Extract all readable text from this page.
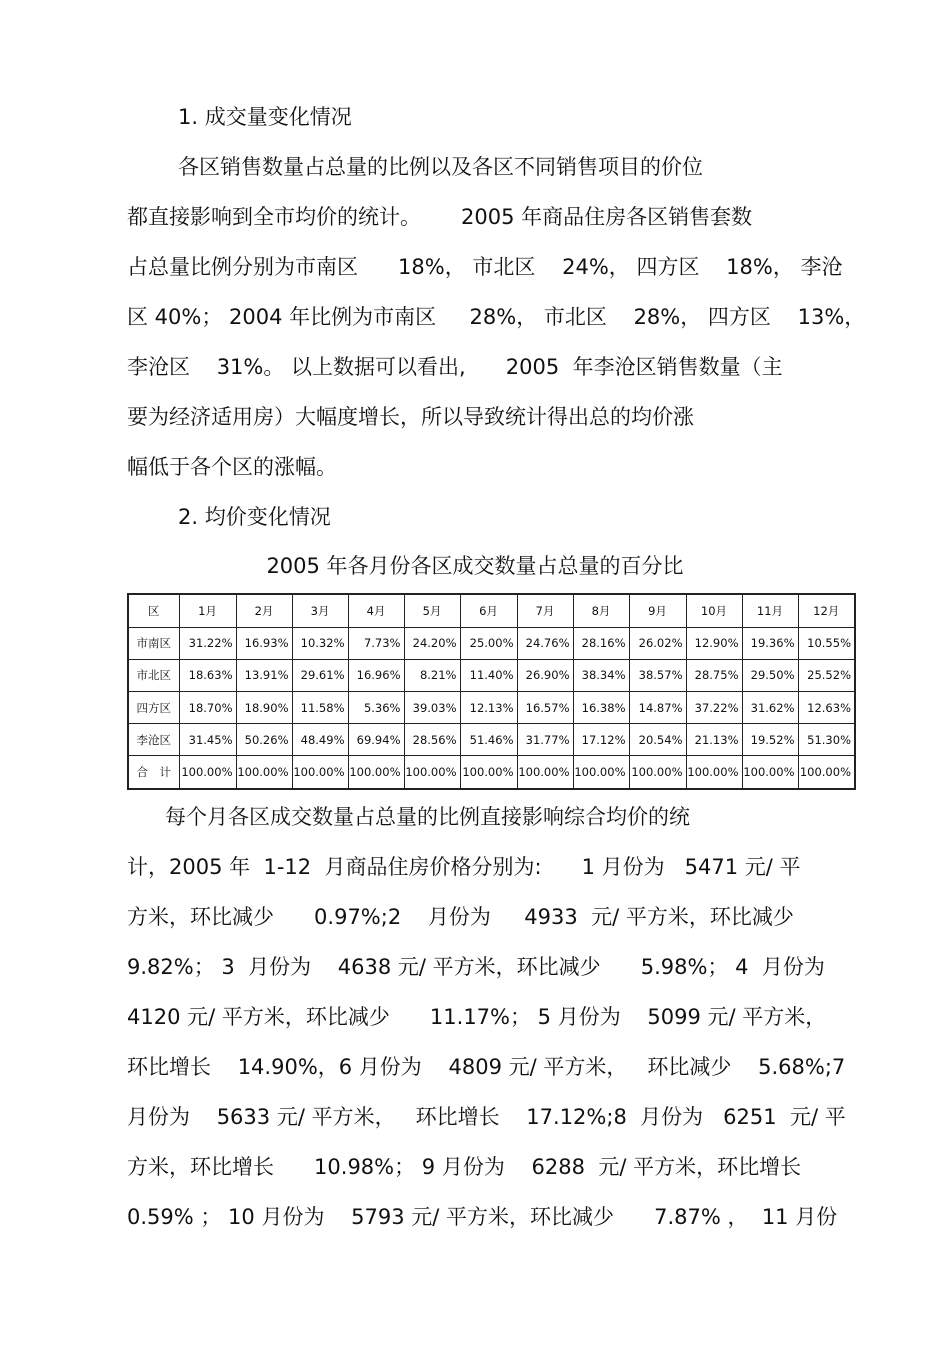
1. 成交量变化情况

各区销售数量占总量的比例以及各区不同销售项目的价位

都直接影响到全市均价的统计。      2005 年商品住房各区销售套数

占总量比例分别为市南区      18%， 市北区    24%， 四方区    18%， 李沧

区 40%； 2004 年比例为市南区     28%， 市北区    28%， 四方区    13%，

李沧区    31%。 以上数据可以看出,      2005  年李沧区销售数量（主

要为经济适用房）大幅度增长，所以导致统计得出总的均价涨

幅低于各个区的涨幅。

2. 均价变化情况

2005 年各月份各区成交数量占总量的百分比
区	1月	2月	3月	4月	5月	6月	7月	8月	9月	10月	11月	12月
市南区	31.22%	16.93%	10.32%	7.73%	24.20%	25.00%	24.76%	28.16%	26.02%	12.90%	19.36%	10.55%
市北区	18.63%	13.91%	29.61%	16.96%	8.21%	11.40%	26.90%	38.34%	38.57%	28.75%	29.50%	25.52%
四方区	18.70%	18.90%	11.58%	5.36%	39.03%	12.13%	16.57%	16.38%	14.87%	37.22%	31.62%	12.63%
李沧区	31.45%	50.26%	48.49%	69.94%	28.56%	51.46%	31.77%	17.12%	20.54%	21.13%	19.52%	51.30%
合　计	100.00%	100.00%	100.00%	100.00%	100.00%	100.00%	100.00%	100.00%	100.00%	100.00%	100.00%	100.00%

每个月各区成交数量占总量的比例直接影响综合均价的统

计，2005 年  1-12  月商品住房价格分别为:      1 月份为   5471 元/ 平

方米，环比减少      0.97%;2    月份为     4933  元/ 平方米，环比减少

9.82%； 3  月份为    4638 元/ 平方米，环比减少      5.98%； 4  月份为

4120 元/ 平方米，环比减少      11.17%； 5 月份为    5099 元/ 平方米，

环比增长    14.90%，6 月份为    4809 元/ 平方米，   环比减少    5.68%;7

月份为    5633 元/ 平方米，   环比增长    17.12%;8  月份为   6251  元/ 平

方米，环比增长      10.98%； 9 月份为    6288  元/ 平方米，环比增长

0.59% ； 10 月份为    5793 元/ 平方米，环比减少      7.87% ，  11 月份
